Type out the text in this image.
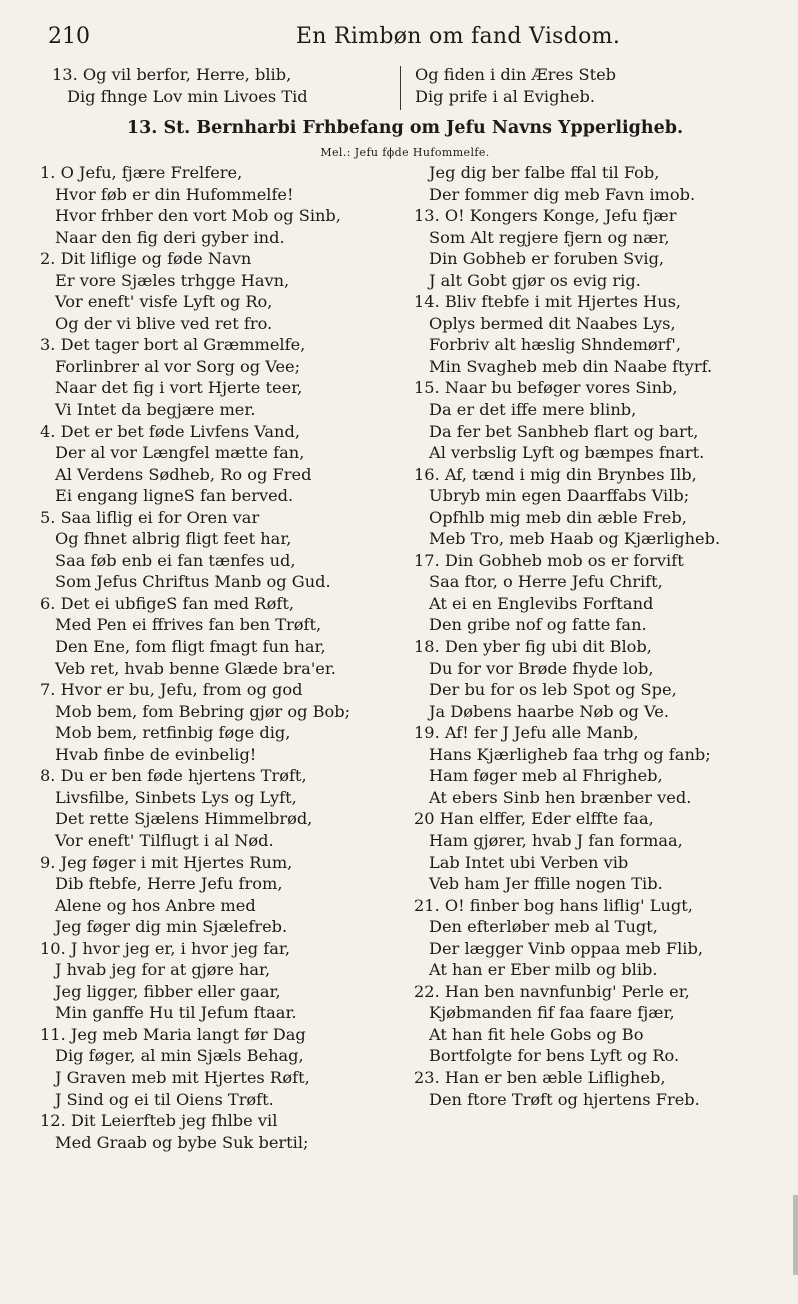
210	En Rimbøn om fand Visdom.
13. Og vil berfor, Herre, blib,
Dig fhnge Lov min Livoes Tid
Og fiden i din Æres Steb
Dig prife i al Evigheb.
13. St. Bernharbi Frhbefang om Jefu Navns Ypperligheb.
Mel.: Jefu fϕde Hufommelfe.
1. O Jefu, fjære Frelfere,
Hvor føb er din Hufommelfe!
Hvor frhber den vort Mob og Sinb,
Naar den fig deri gyber ind.
2. Dit liflige og føde Navn
Er vore Sjæles trhgge Havn,
Vor eneft' visfe Lyft og Ro,
Og der vi blive ved ret fro.
3. Det tager bort al Græmmelfe,
Forlinbrer al vor Sorg og Vee;
Naar det fig i vort Hjerte teer,
Vi Intet da begjære mer.
4. Det er bet føde Livfens Vand,
Der al vor Længfel mætte fan,
Al Verdens Sødheb, Ro og Fred
Ei engang ligneS fan berved.
5. Saa liflig ei for Oren var
Og fhnet albrig fligt feet har,
Saa føb enb ei fan tænfes ud,
Som Jefus Chriftus Manb og Gud.
6. Det ei ubfigeS fan med Røft,
Med Pen ei ffrives fan ben Trøft,
Den Ene, fom fligt fmagt fun har,
Veb ret, hvab benne Glæde bra'er.
7. Hvor er bu, Jefu, from og god
Mob bem, fom Bebring gjør og Bob;
Mob bem, retfinbig føge dig,
Hvab finbe de evinbelig!
8. Du er ben føde hjertens Trøft,
Livsfilbe, Sinbets Lys og Lyft,
Det rette Sjælens Himmelbrød,
Vor eneft' Tilflugt i al Nød.
9. Jeg føger i mit Hjertes Rum,
Dib ftebfe, Herre Jefu from,
Alene og hos Anbre med
Jeg føger dig min Sjælefreb.
10. J hvor jeg er, i hvor jeg far,
J hvab jeg for at gjøre har,
Jeg ligger, fibber eller gaar,
Min ganffe Hu til Jefum ftaar.
11. Jeg meb Maria langt før Dag
Dig føger, al min Sjæls Behag,
J Graven meb mit Hjertes Røft,
J Sind og ei til Oiens Trøft.
12. Dit Leierfteb jeg fhlbe vil
Med Graab og bybe Suk bertil;
Jeg dig ber falbe ffal til Fob,
Der fommer dig meb Favn imob.
13. O! Kongers Konge, Jefu fjær
Som Alt regjere fjern og nær,
Din Gobheb er foruben Svig,
J alt Gobt gjør os evig rig.
14. Bliv ftebfe i mit Hjertes Hus,
Oplys bermed dit Naabes Lys,
Forbriv alt hæslig Shndemørf',
Min Svagheb meb din Naabe ftyrf.
15. Naar bu beføger vores Sinb,
Da er det iffe mere blinb,
Da fer bet Sanbheb flart og bart,
Al verbslig Lyft og bæmpes fnart.
16. Af, tænd i mig din Brynbes Ilb,
Ubryb min egen Daarffabs Vilb;
Opfhlb mig meb din æble Freb,
Meb Tro, meb Haab og Kjærligheb.
17. Din Gobheb mob os er forvift
Saa ftor, o Herre Jefu Chrift,
At ei en Englevibs Forftand
Den gribe nof og fatte fan.
18. Den yber fig ubi dit Blob,
Du for vor Brøde fhyde lob,
Der bu for os leb Spot og Spe,
Ja Døbens haarbe Nøb og Ve.
19. Af! fer J Jefu alle Manb,
Hans Kjærligheb faa trhg og fanb;
Ham føger meb al Fhrigheb,
At ebers Sinb hen brænber ved.
20 Han elffer, Eder elffte faa,
Ham gjører, hvab J fan formaa,
Lab Intet ubi Verben vib
Veb ham Jer ffille nogen Tib.
21. O! finber bog hans liflig' Lugt,
Den efterløber meb al Tugt,
Der lægger Vinb oppaa meb Flib,
At han er Eber milb og blib.
22. Han ben navnfunbig' Perle er,
Kjøbmanden fif faa faare fjær,
At han fit hele Gobs og Bo
Bortfolgte for bens Lyft og Ro.
23. Han er ben æble Lifligheb,
Den ftore Trøft og hjertens Freb.
